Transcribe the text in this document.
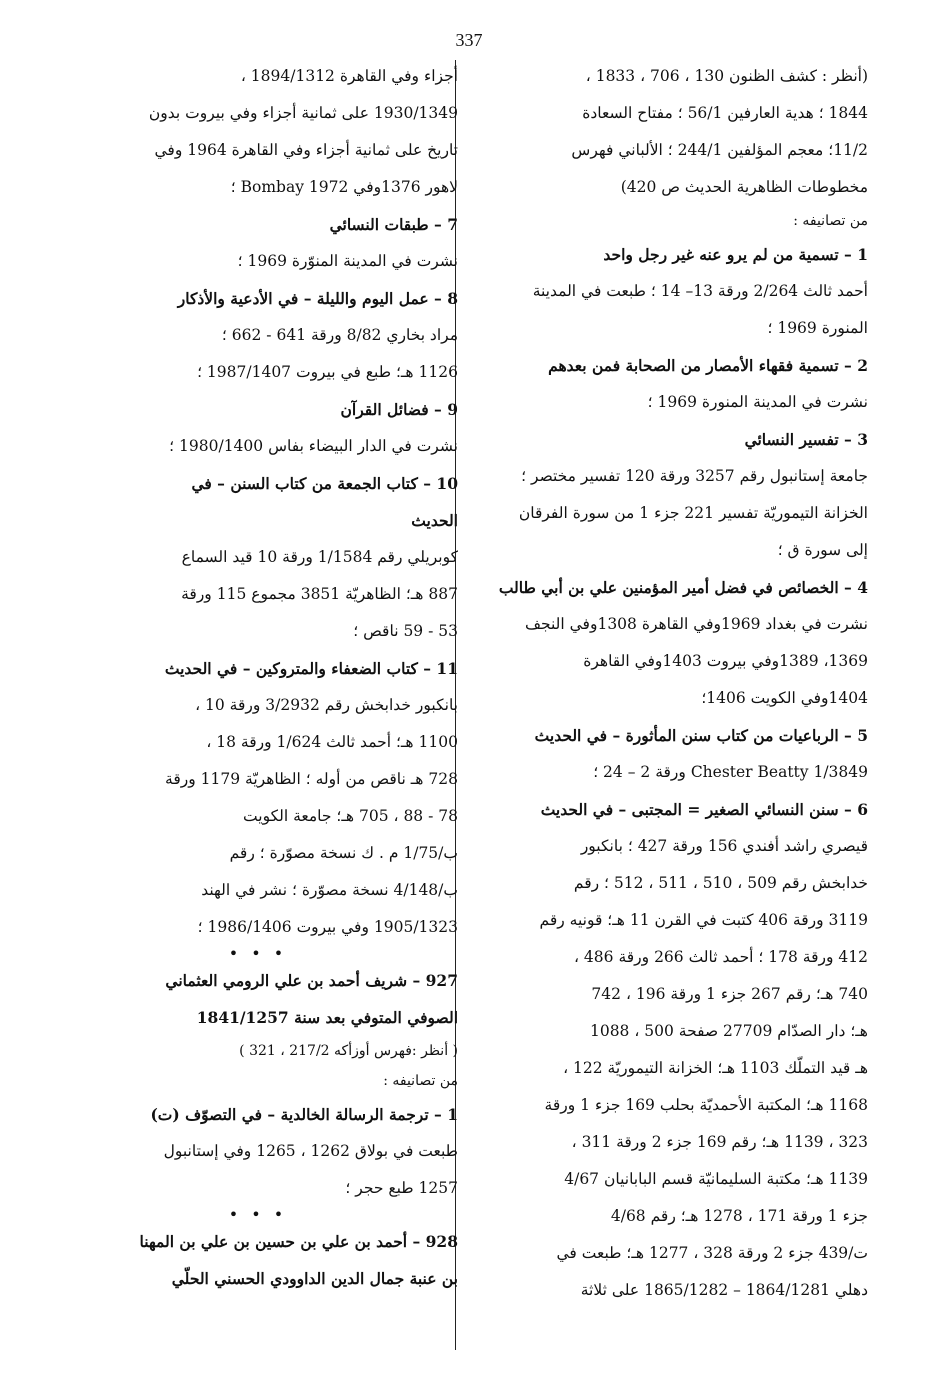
337
(أنظر : كشف الظنون 130 ، 706 ، 1833 ،
1844 ؛ هدية العارفين 56/1 ؛ مفتاح السعادة
11/2؛ معجم المؤلفين 244/1 ؛ الألباني فهرس
مخطوطات الظاهرية الحديث ص 420)
من تصانيفه :
1 – تسمية من لم يرو عنه غير رجل واحد
أحمد ثالث 2/264 ورقة 13– 14 ؛ طبعت في المدينة
المنورة 1969 ؛
2 – تسمية فقهاء الأمصار من الصحابة فمن بعدهم
نشرت في المدينة المنورة 1969 ؛
3 – تفسير النسائي
جامعة إستانبول رقم 3257 ورقة 120 تفسير مختصر ؛
الخزانة التيموريّة تفسير 221 جزء 1 من سورة الفرقان
إلى سورة ق ؛
4 – الخصائص في فضل أمير المؤمنين علي بن أبي طالب
نشرت في بغداد 1969وفي القاهرة 1308وفي النجف
1369، 1389وفي بيروت 1403وفي القاهرة
1404وفي الكويت 1406؛
5 – الرباعيات من كتاب سنن المأثورة – في الحديث
Chester Beatty 1/3849 ورقة 2 – 24 ؛
6 – سنن النسائي الصغير = المجتبى – في الحديث
قيصري راشد أفندي 156 ورقة 427 ؛ بانكبور
خدابخش رقم 509 ، 510 ، 511 ، 512 ؛ رقم
3119 ورقة 406 كتبت في القرن 11 هـ؛ قونيه رقم
412 ورقة 178 ؛ أحمد ثالث 266 ورقة 486 ،
740 هـ؛ رقم 267 جزء 1 ورقة 196 ، 742
هـ؛ دار الصدّام 27709 صفحة 500 ، 1088
هـ قيد التملّك 1103 هـ؛ الخزانة التيموريّة 122 ،
1168 هـ؛ المكتبة الأحمديّة بحلب 169 جزء 1 ورقة
323 ، 1139 هـ؛ رقم 169 جزء 2 ورقة 311 ،
1139 هـ؛ مكتبة السليمانيّة قسم البابانيان 4/67
جزء 1 ورقة 171 ، 1278 هـ؛ رقم 4/68
ت/439 جزء 2 ورقة 328 ، 1277 هـ؛ طبعت في
دهلي 1864/1281 – 1865/1282 على ثلاثة
أجزاء وفي القاهرة 1894/1312 ،
1930/1349 على ثمانية أجزاء وفي بيروت بدون
تاريخ على ثمانية أجزاء وفي القاهرة 1964 وفي
لاهور 1376وفي Bombay 1972 ؛
7 – طبقات النسائي
نشرت في المدينة المنوّرة 1969 ؛
8 – عمل اليوم والليلة – في الأدعية والأذكار
مراد بخاري 8/82 ورقة 641 - 662 ؛
1126 هـ؛ طبع في بيروت 1987/1407 ؛
9 – فضائل القرآن
نشرت في الدار البيضاء بفاس 1980/1400 ؛
10 – كتاب الجمعة من كتاب السنن – في
الحديث
كوبريلي رقم 1/1584 ورقة 10 قيد السماع
887 هـ؛ الظاهريّة 3851 مجموع 115 ورقة
53 - 59 ناقص ؛
11 – كتاب الضعفاء والمتروكين – في الحديث
بانكبور خدابخش رقم 3/2932 ورقة 10 ،
1100 هـ؛ أحمد ثالث 1/624 ورقة 18 ،
728 هـ ناقص من أوله ؛ الظاهريّة 1179 ورقة
78 - 88 ، 705 هـ؛ جامعة الكويت
ب/1/75 م . ك نسخة مصوّرة ؛ رقم
ب/4/148 نسخة مصوّرة ؛ نشر في الهند
1905/1323 وفي بيروت 1986/1406 ؛
• • •
927 – شريف أحمد بن علي الرومي العثماني
الصوفي المتوفي بعد سنة 1841/1257
( أنظر :فهرس أوزأكه 217/2 ، 321 )
من تصانيفه :
1 – ترجمة الرسالة الخالدية – في التصوّف (ت)
طبعت في بولاق 1262 ، 1265 وفي إستانبول
1257 طبع حجر ؛
• • •
928 – أحمد بن علي بن حسين بن علي بن المهنا
بن عنبة جمال الدين الداوودي الحسني الحلّي
